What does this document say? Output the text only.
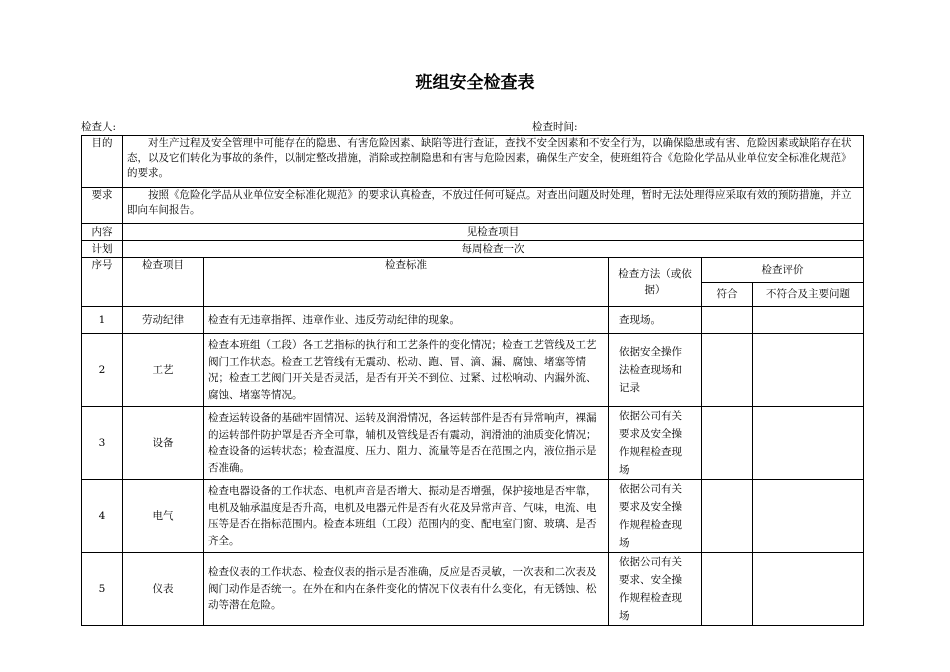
班组安全检查表
检查人:	检查时间:
目的	对生产过程及安全管理中可能存在的隐患、有害危险因素、缺陷等进行查证，查找不安全因素和不安全行为，以确保隐患或有害、危险因素或缺陷存在状态，以及它们转化为事故的条件，以制定整改措施，消除或控制隐患和有害与危险因素，确保生产安全，使班组符合《危险化学品从业单位安全标准化规范》的要求。				
要求	按照《危险化学品从业单位安全标准化规范》的要求认真检查，不放过任何可疑点。对查出问题及时处理，暂时无法处理得应采取有效的预防措施，并立即向车间报告。				
内容	见检查项目				
计划	每周检查一次				
序号	检查项目	检查标准	检查方法（或依据）	检查评价	
				符合	不符合及主要问题
1	劳动纪律	检查有无违章指挥、违章作业、违反劳动纪律的现象。	查现场。		
2	工艺	检查本班组（工段）各工艺指标的执行和工艺条件的变化情况；检查工艺管线及工艺阀门工作状态。检查工艺管线有无震动、松动、跑、冒、滴、漏、腐蚀、堵塞等情况；检查工艺阀门开关是否灵活，是否有开关不到位、过紧、过松响动、内漏外流、腐蚀、堵塞等情况。	依据安全操作法检查现场和记录		
3	设备	检查运转设备的基础牢固情况、运转及润滑情况，各运转部件是否有异常响声，裸漏的运转部件防护罩是否齐全可靠，辅机及管线是否有震动，润滑油的油质变化情况；检查设备的运转状态；检查温度、压力、阻力、流量等是否在范围之内，液位指示是否准确。	依据公司有关要求及安全操作规程检查现场		
4	电气	检查电器设备的工作状态、电机声音是否增大、振动是否增强，保护接地是否牢靠，电机及轴承温度是否升高，电机及电器元件是否有火花及异常声音、气味，电流、电压等是否在指标范围内。检查本班组（工段）范围内的变、配电室门窗、玻璃、是否齐全。	依据公司有关要求及安全操作规程检查现场		
5	仪表	检查仪表的工作状态、检查仪表的指示是否准确，反应是否灵敏，一次表和二次表及阀门动作是否统一。在外在和内在条件变化的情况下仪表有什么变化，有无锈蚀、松动等潜在危险。	依据公司有关要求、安全操作规程检查现场		
